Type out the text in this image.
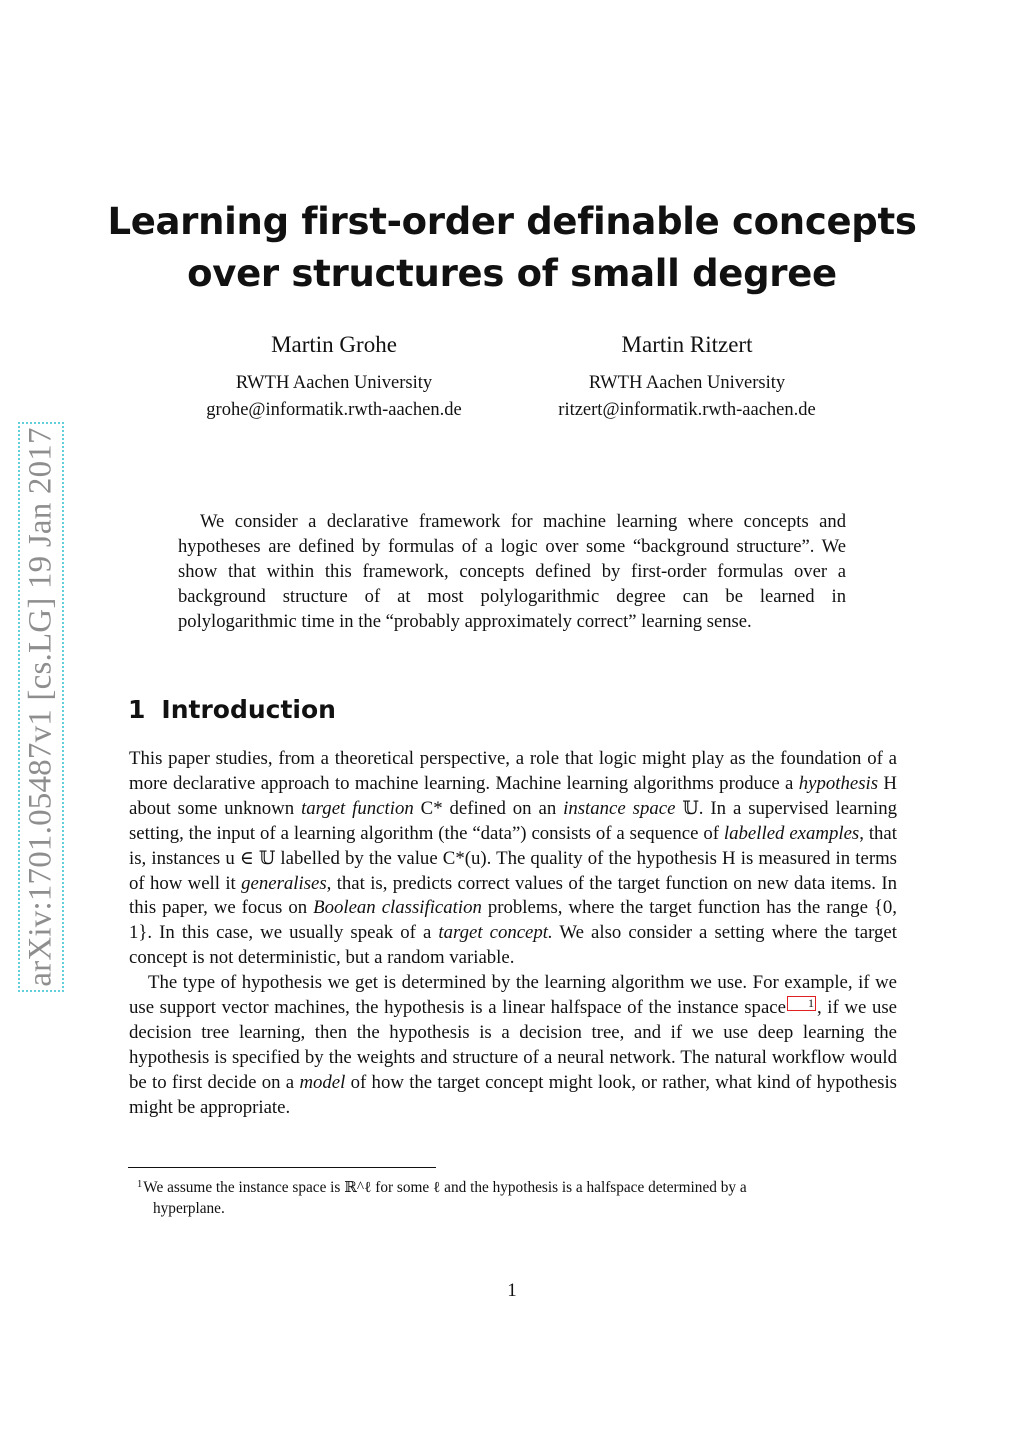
arXiv:1701.05487v1 [cs.LG] 19 Jan 2017
Learning first-order definable concepts
over structures of small degree
Martin Grohe
RWTH Aachen University
grohe@informatik.rwth-aachen.de
Martin Ritzert
RWTH Aachen University
ritzert@informatik.rwth-aachen.de

We consider a declarative framework for machine learning where concepts and hypotheses are defined by formulas of a logic over some “background structure”. We show that within this framework, concepts defined by first-order formulas over a background structure of at most polylogarithmic degree can be learned in polylogarithmic time in the “probably approximately correct” learning sense.

1 Introduction

This paper studies, from a theoretical perspective, a role that logic might play as the foundation of a more declarative approach to machine learning. Machine learning algorithms produce a hypothesis H about some unknown target function C* defined on an instance space 𝕌. In a supervised learning setting, the input of a learning algorithm (the “data”) consists of a sequence of labelled examples, that is, instances u ∈ 𝕌 labelled by the value C*(u). The quality of the hypothesis H is measured in terms of how well it generalises, that is, predicts correct values of the target function on new data items. In this paper, we focus on Boolean classification problems, where the target function has the range {0, 1}. In this case, we usually speak of a target concept. We also consider a setting where the target concept is not deterministic, but a random variable.

The type of hypothesis we get is determined by the learning algorithm we use. For example, if we use support vector machines, the hypothesis is a linear halfspace of the instance space 1 , if we use decision tree learning, then the hypothesis is a decision tree, and if we use deep learning the hypothesis is specified by the weights and structure of a neural network. The natural workflow would be to first decide on a model of how the target concept might look, or rather, what kind of hypothesis might be appropriate.

$^1$We assume the instance space is ℝ^ℓ for some ℓ and the hypothesis is a halfspace determined by a
hyperplane.
1
